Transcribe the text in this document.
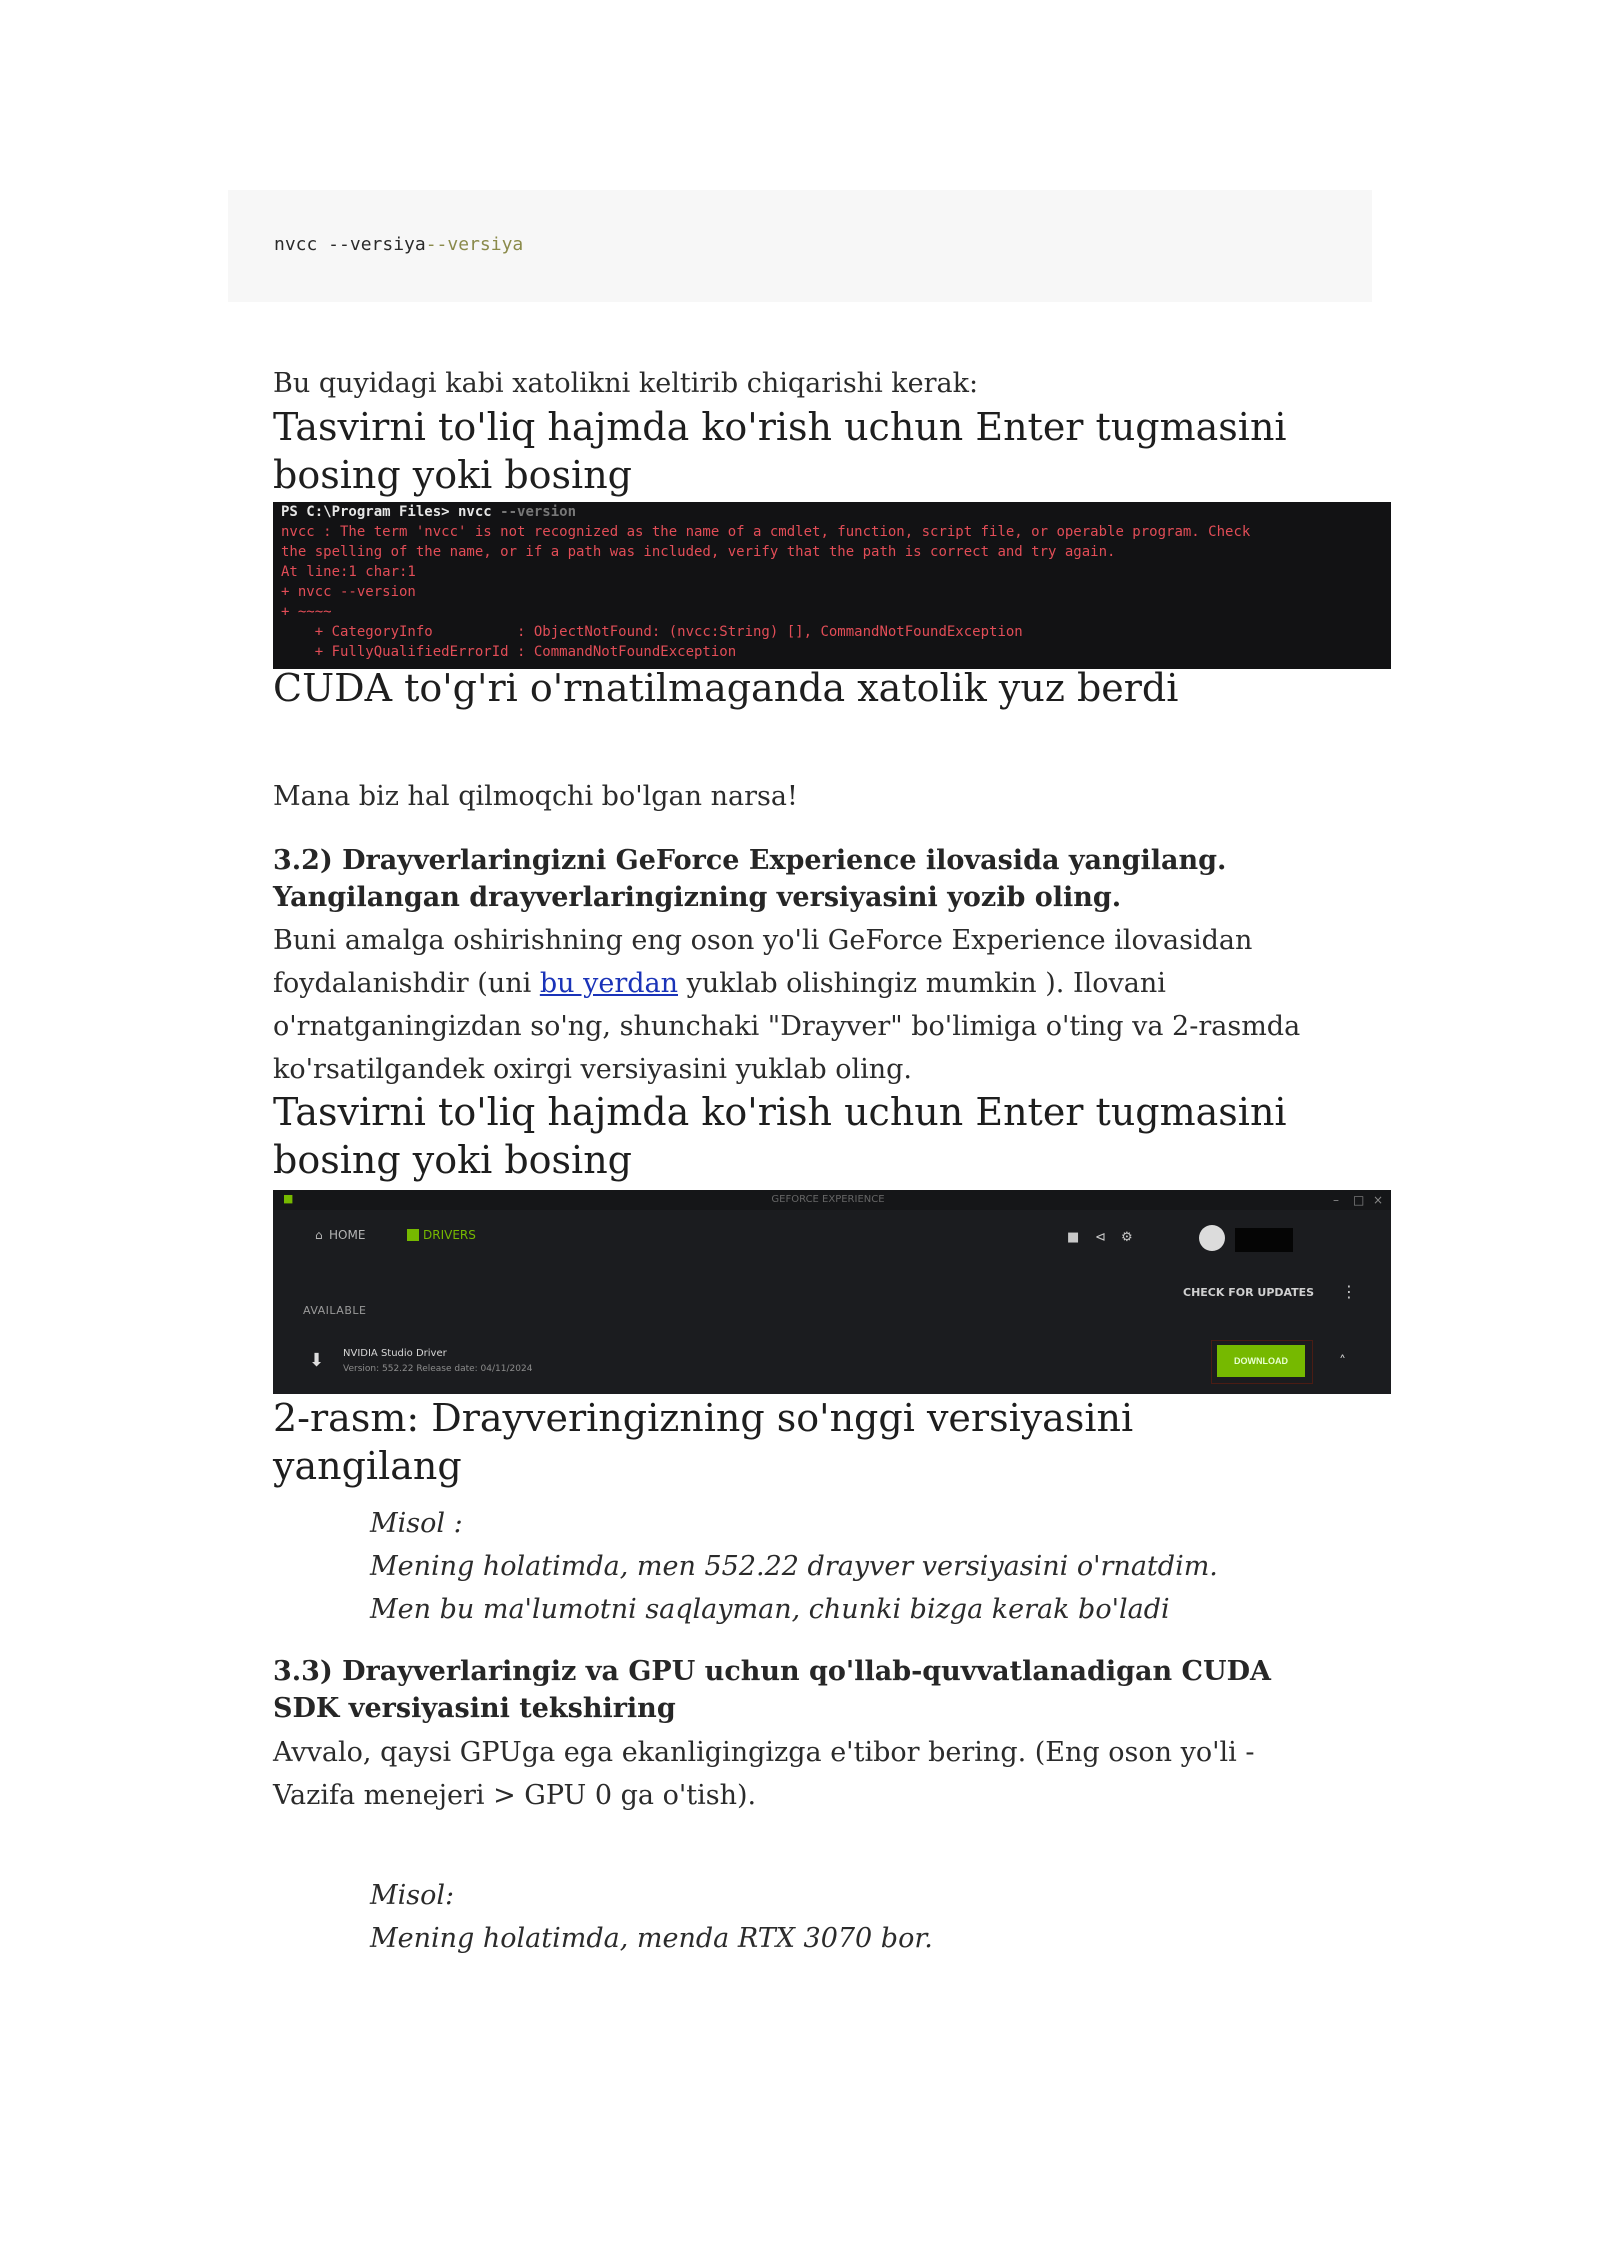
nvcc --versiya--versiya
Bu quyidagi kabi xatolikni keltirib chiqarishi kerak:
Tasvirni to'liq hajmda ko'rish uchun Enter tugmasini bosing yoki bosing
PS C:\Program Files> nvcc --version
nvcc : The term 'nvcc' is not recognized as the name of a cmdlet, function, script file, or operable program. Check
the spelling of the name, or if a path was included, verify that the path is correct and try again.
At line:1 char:1
+ nvcc --version
+ ~~~~
+ CategoryInfo          : ObjectNotFound: (nvcc:String) [], CommandNotFoundException
+ FullyQualifiedErrorId : CommandNotFoundException
CUDA to'g'ri o'rnatilmaganda xatolik yuz berdi
Mana biz hal qilmoqchi bo'lgan narsa!
3.2) Drayverlaringizni GeForce Experience ilovasida yangilang. Yangilangan drayverlaringizning versiyasini yozib oling.
Buni amalga oshirishning eng oson yo'li GeForce Experience ilovasidan foydalanishdir (uni bu yerdan yuklab olishingiz mumkin ). Ilovani o'rnatganingizdan so'ng, shunchaki "Drayver" bo'limiga o'ting va 2-rasmda ko'rsatilgandek oxirgi versiyasini yuklab oling.
Tasvirni to'liq hajmda ko'rish uchun Enter tugmasini bosing yoki bosing
■	GEFORCE EXPERIENCE	– □ ×
⌂ HOME	DRIVERS	■ ⊲ ⚙
CHECK FOR UPDATES ⋮
AVAILABLE
⬇ NVIDIA Studio Driver
Version: 552.22 Release date: 04/11/2024
DOWNLOAD	˄
2-rasm: Drayveringizning so'nggi versiyasini yangilang
Misol :
Mening holatimda, men 552.22 drayver versiyasini o'rnatdim. Men bu ma'lumotni saqlayman, chunki bizga kerak bo'ladi
3.3) Drayverlaringiz va GPU uchun qo'llab-quvvatlanadigan CUDA SDK versiyasini tekshiring
Avvalo, qaysi GPUga ega ekanligingizga e'tibor bering. (Eng oson yo'li - Vazifa menejeri > GPU 0 ga o'tish).
Misol:
Mening holatimda, menda RTX 3070 bor.
